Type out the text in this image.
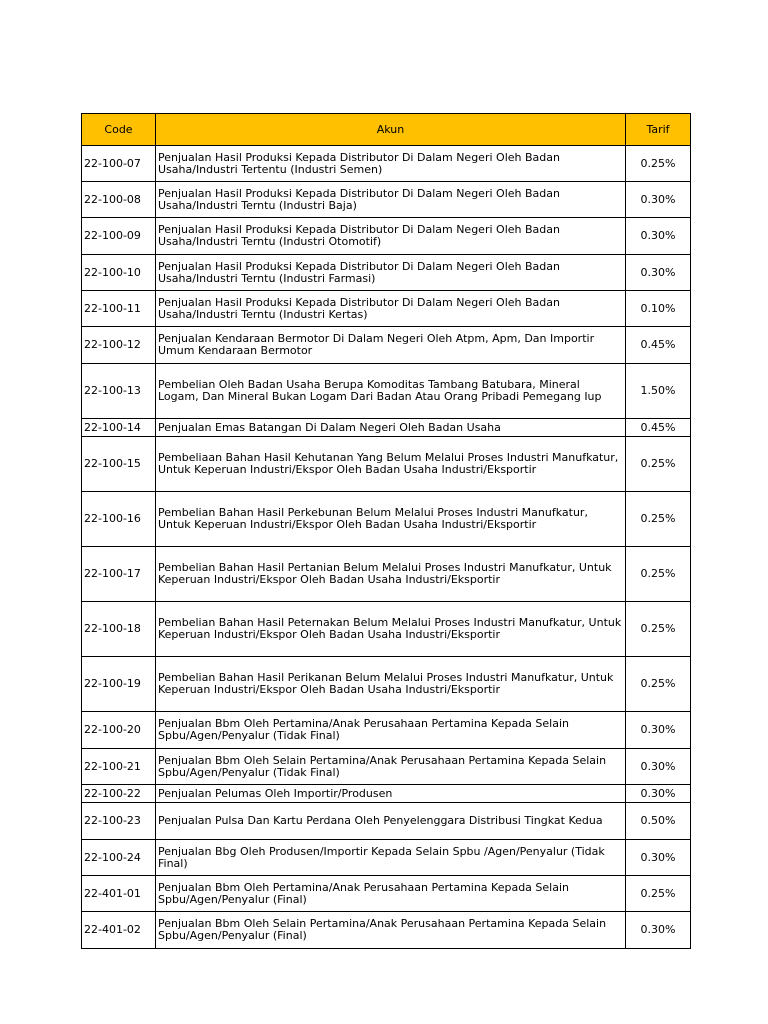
Code	Akun	Tarif
22-100-07	Penjualan Hasil Produksi Kepada Distributor Di Dalam Negeri Oleh Badan Usaha/Industri Tertentu (Industri Semen)	0.25%
22-100-08	Penjualan Hasil Produksi Kepada Distributor Di Dalam Negeri Oleh Badan Usaha/Industri Terntu (Industri Baja)	0.30%
22-100-09	Penjualan Hasil Produksi Kepada Distributor Di Dalam Negeri Oleh Badan Usaha/Industri Terntu (Industri Otomotif)	0.30%
22-100-10	Penjualan Hasil Produksi Kepada Distributor Di Dalam Negeri Oleh Badan Usaha/Industri Terntu (Industri Farmasi)	0.30%
22-100-11	Penjualan Hasil Produksi Kepada Distributor Di Dalam Negeri Oleh Badan Usaha/Industri Terntu (Industri Kertas)	0.10%
22-100-12	Penjualan Kendaraan Bermotor Di Dalam Negeri Oleh Atpm, Apm, Dan Importir Umum Kendaraan Bermotor	0.45%
22-100-13	Pembelian Oleh Badan Usaha Berupa Komoditas Tambang Batubara, Mineral Logam, Dan Mineral Bukan Logam Dari Badan Atau Orang Pribadi Pemegang Iup	1.50%
22-100-14	Penjualan Emas Batangan Di Dalam Negeri Oleh Badan Usaha	0.45%
22-100-15	Pembeliaan Bahan Hasil Kehutanan Yang Belum Melalui Proses Industri Manufkatur, Untuk Keperuan Industri/Ekspor Oleh Badan Usaha Industri/Eksportir	0.25%
22-100-16	Pembelian Bahan Hasil Perkebunan Belum Melalui Proses Industri Manufkatur, Untuk Keperuan Industri/Ekspor Oleh Badan Usaha Industri/Eksportir	0.25%
22-100-17	Pembelian Bahan Hasil Pertanian Belum Melalui Proses Industri Manufkatur, Untuk Keperuan Industri/Ekspor Oleh Badan Usaha Industri/Eksportir	0.25%
22-100-18	Pembelian Bahan Hasil Peternakan Belum Melalui Proses Industri Manufkatur, Untuk Keperuan Industri/Ekspor Oleh Badan Usaha Industri/Eksportir	0.25%
22-100-19	Pembelian Bahan Hasil Perikanan Belum Melalui Proses Industri Manufkatur, Untuk Keperuan Industri/Ekspor Oleh Badan Usaha Industri/Eksportir	0.25%
22-100-20	Penjualan Bbm Oleh Pertamina/Anak Perusahaan Pertamina Kepada Selain Spbu/Agen/Penyalur (Tidak Final)	0.30%
22-100-21	Penjualan Bbm Oleh Selain Pertamina/Anak Perusahaan Pertamina Kepada Selain Spbu/Agen/Penyalur (Tidak Final)	0.30%
22-100-22	Penjualan Pelumas Oleh Importir/Produsen	0.30%
22-100-23	Penjualan Pulsa Dan Kartu Perdana Oleh Penyelenggara Distribusi Tingkat Kedua	0.50%
22-100-24	Penjualan Bbg Oleh Produsen/Importir Kepada Selain Spbu /Agen/Penyalur (Tidak Final)	0.30%
22-401-01	Penjualan Bbm Oleh Pertamina/Anak Perusahaan Pertamina Kepada Selain Spbu/Agen/Penyalur (Final)	0.25%
22-401-02	Penjualan Bbm Oleh Selain Pertamina/Anak Perusahaan Pertamina Kepada Selain Spbu/Agen/Penyalur (Final)	0.30%
